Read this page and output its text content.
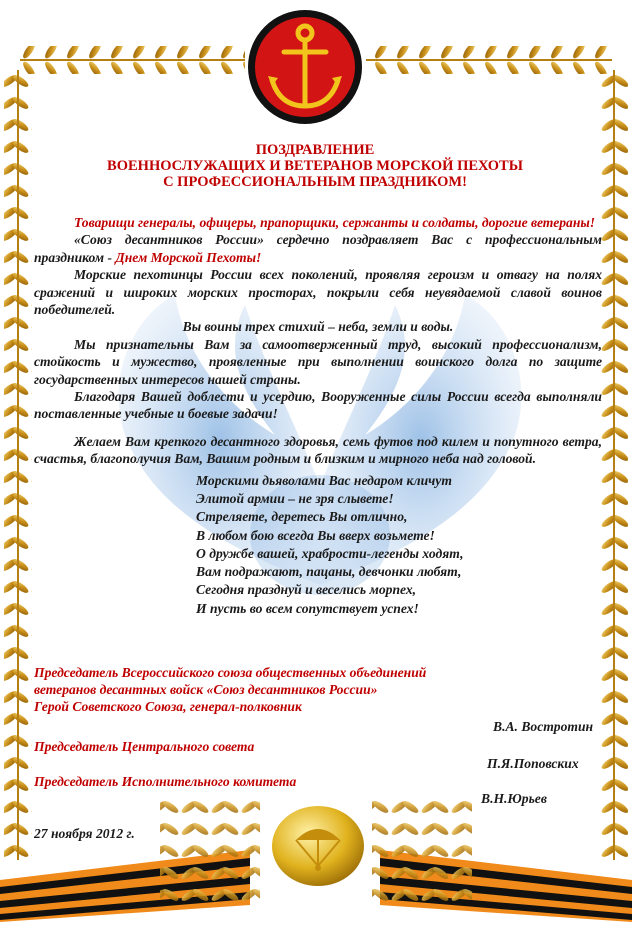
ПОЗДРАВЛЕНИЕ
ВОЕННОСЛУЖАЩИХ И ВЕТЕРАНОВ МОРСКОЙ ПЕХОТЫ
С ПРОФЕССИОНАЛЬНЫМ ПРАЗДНИКОМ!

Товарищи генералы, офицеры, прапорщики, сержанты и солдаты, дорогие ветераны!

«Союз десантников России» сердечно поздравляет Вас с профессиональным праздником - Днем Морской Пехоты!

Морские пехотинцы России всех поколений, проявляя героизм и отвагу на полях сражений и широких морских просторах, покрыли себя неувядаемой славой воинов победителей.

Вы воины трех стихий – неба, земли и воды.

Мы признательны Вам за самоотверженный труд, высокий профессионализм, стойкость и мужество, проявленные при выполнении воинского долга по защите государственных интересов нашей страны.

Благодаря Вашей доблести и усердию, Вооруженные силы России всегда выполняли поставленные учебные и боевые задачи!

Желаем Вам крепкого десантного здоровья, семь футов под килем и попутного ветра, счастья, благополучия Вам, Вашим родным и близким и мирного неба над головой.

Морскими дьяволами Вас недаром кличут
Элитой армии – не зря слывете!
Стреляете, деретесь Вы отлично,
В любом бою всегда Вы вверх возьмете!
О дружбе вашей, храброcти-легенды ходят,
Вам подражают, пацаны, девчонки любят,
Сегодня празднуй и веселись морпех,
И пусть во всем сопутствует успех!
Председатель Всероссийского союза общественных объединений
ветеранов десантных войск «Союз десантников России»
Герой Советского Союза, генерал-полковник
В.А. Востротин
Председатель Центрального совета
П.Я.Поповских
Председатель Исполнительного комитета
В.Н.Юрьев
27 ноября 2012 г.
